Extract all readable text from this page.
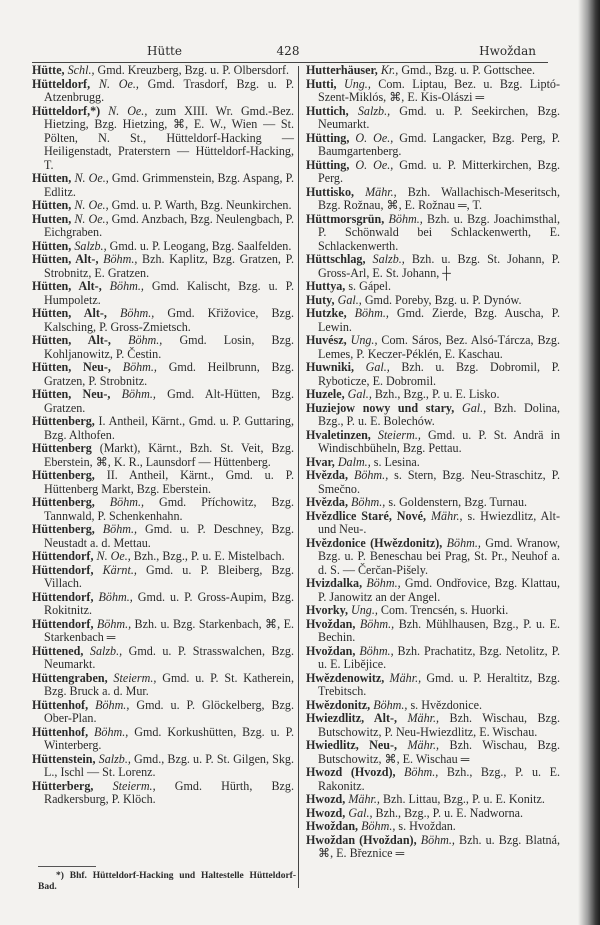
Hütte	428	Hwoždan

Hütte, Schl., Gmd. Kreuzberg, Bzg. u. P. Olbersdorf.

Hütteldorf, N. Oe., Gmd. Trasdorf, Bzg. u. P. Atzenbrugg.

Hütteldorf,*) N. Oe., zum XIII. Wr. Gmd.-Bez. Hietzing, Bzg. Hietzing, ⌘, E. W., Wien — St. Pölten, N. St., Hütteldorf-Hacking — Heiligenstadt, Praterstern — Hütteldorf-Hacking, T.

Hütten, N. Oe., Gmd. Grimmenstein, Bzg. Aspang, P. Edlitz.

Hütten, N. Oe., Gmd. u. P. Warth, Bzg. Neunkirchen.

Hutten, N. Oe., Gmd. Anzbach, Bzg. Neulengbach, P. Eichgraben.

Hütten, Salzb., Gmd. u. P. Leogang, Bzg. Saalfelden.

Hütten, Alt-, Böhm., Bzh. Kaplitz, Bzg. Gratzen, P. Strobnitz, E. Gratzen.

Hütten, Alt-, Böhm., Gmd. Kalischt, Bzg. u. P. Humpoletz.

Hütten, Alt-, Böhm., Gmd. Křižovice, Bzg. Kalsching, P. Gross-Zmietsch.

Hütten, Alt-, Böhm., Gmd. Losin, Bzg. Kohljanowitz, P. Čestin.

Hütten, Neu-, Böhm., Gmd. Heilbrunn, Bzg. Gratzen, P. Strobnitz.

Hütten, Neu-, Böhm., Gmd. Alt-Hütten, Bzg. Gratzen.

Hüttenberg, I. Antheil, Kärnt., Gmd. u. P. Guttaring, Bzg. Althofen.

Hüttenberg (Markt), Kärnt., Bzh. St. Veit, Bzg. Eberstein, ⌘, K. R., Launsdorf — Hüttenberg.

Hüttenberg, II. Antheil, Kärnt., Gmd. u. P. Hüttenberg Markt, Bzg. Eberstein.

Hüttenberg, Böhm., Gmd. Příchowitz, Bzg. Tannwald, P. Schenkenhahn.

Hüttenberg, Böhm., Gmd. u. P. Deschney, Bzg. Neustadt a. d. Mettau.

Hüttendorf, N. Oe., Bzh., Bzg., P. u. E. Mistelbach.

Hüttendorf, Kärnt., Gmd. u. P. Bleiberg, Bzg. Villach.

Hüttendorf, Böhm., Gmd. u. P. Gross-Aupim, Bzg. Rokitnitz.

Hüttendorf, Böhm., Bzh. u. Bzg. Starkenbach, ⌘, E. Starkenbach ═

Hüttened, Salzb., Gmd. u. P. Strasswalchen, Bzg. Neumarkt.

Hüttengraben, Steierm., Gmd. u. P. St. Katherein, Bzg. Bruck a. d. Mur.

Hüttenhof, Böhm., Gmd. u. P. Glöckelberg, Bzg. Ober-Plan.

Hüttenhof, Böhm., Gmd. Korkushütten, Bzg. u. P. Winterberg.

Hüttenstein, Salzb., Gmd., Bzg. u. P. St. Gilgen, Skg. L., Ischl — St. Lorenz.

Hütterberg, Steierm., Gmd. Hürth, Bzg. Radkersburg, P. Klöch.

Hutterhäuser, Kr., Gmd., Bzg. u. P. Gottschee.

Hutti, Ung., Com. Liptau, Bez. u. Bzg. Liptó-Szent-Miklós, ⌘, E. Kis-Olászi ═

Huttich, Salzb., Gmd. u. P. Seekirchen, Bzg. Neumarkt.

Hütting, O. Oe., Gmd. Langacker, Bzg. Perg, P. Baumgartenberg.

Hütting, O. Oe., Gmd. u. P. Mitterkirchen, Bzg. Perg.

Huttisko, Mähr., Bzh. Wallachisch-Meseritsch, Bzg. Rožnau, ⌘, E. Rožnau ═, T.

Hüttmorsgrün, Böhm., Bzh. u. Bzg. Joachimsthal, P. Schönwald bei Schlackenwerth, E. Schlackenwerth.

Hüttschlag, Salzb., Bzh. u. Bzg. St. Johann, P. Gross-Arl, E. St. Johann, ┼

Huttya, s. Gápel.

Huty, Gal., Gmd. Poreby, Bzg. u. P. Dynów.

Hutzke, Böhm., Gmd. Zierde, Bzg. Auscha, P. Lewin.

Huvész, Ung., Com. Sáros, Bez. Alsó-Tárcza, Bzg. Lemes, P. Keczer-Péklén, E. Kaschau.

Huwniki, Gal., Bzh. u. Bzg. Dobromil, P. Ryboticze, E. Dobromil.

Huzele, Gal., Bzh., Bzg., P. u. E. Lisko.

Huziejow nowy und stary, Gal., Bzh. Dolina, Bzg., P. u. E. Bolechów.

Hvaletinzen, Steierm., Gmd. u. P. St. Andrä in Windischbüheln, Bzg. Pettau.

Hvar, Dalm., s. Lesina.

Hvězda, Böhm., s. Stern, Bzg. Neu-Straschitz, P. Smečno.

Hvězda, Böhm., s. Goldenstern, Bzg. Turnau.

Hvězdlice Staré, Nové, Mähr., s. Hwiezdlitz, Alt- und Neu-.

Hvězdonice (Hwězdonitz), Böhm., Gmd. Wranow, Bzg. u. P. Beneschau bei Prag, St. Pr., Neuhof a. d. S. — Čerčan-Pišely.

Hvizdalka, Böhm., Gmd. Ondřovice, Bzg. Klattau, P. Janowitz an der Angel.

Hvorky, Ung., Com. Trencsén, s. Huorki.

Hvoždan, Böhm., Bzh. Mühlhausen, Bzg., P. u. E. Bechin.

Hvoždan, Böhm., Bzh. Prachatitz, Bzg. Netolitz, P. u. E. Libějice.

Hwězdenowitz, Mähr., Gmd. u. P. Heraltitz, Bzg. Trebitsch.

Hwězdonitz, Böhm., s. Hvězdonice.

Hwiezdlitz, Alt-, Mähr., Bzh. Wischau, Bzg. Butschowitz, P. Neu-Hwiezdlitz, E. Wischau.

Hwiedlitz, Neu-, Mähr., Bzh. Wischau, Bzg. Butschowitz, ⌘, E. Wischau ═

Hwozd (Hvozd), Böhm., Bzh., Bzg., P. u. E. Rakonitz.

Hwozd, Mähr., Bzh. Littau, Bzg., P. u. E. Konitz.

Hwozd, Gal., Bzh., Bzg., P. u. E. Nadworna.

Hwoždan, Böhm., s. Hvoždan.

Hwoždan (Hvoždan), Böhm., Bzh. u. Bzg. Blatná, ⌘, E. Březnice ═

*) Bhf. Hütteldorf-Hacking und Haltestelle Hütteldorf-Bad.
